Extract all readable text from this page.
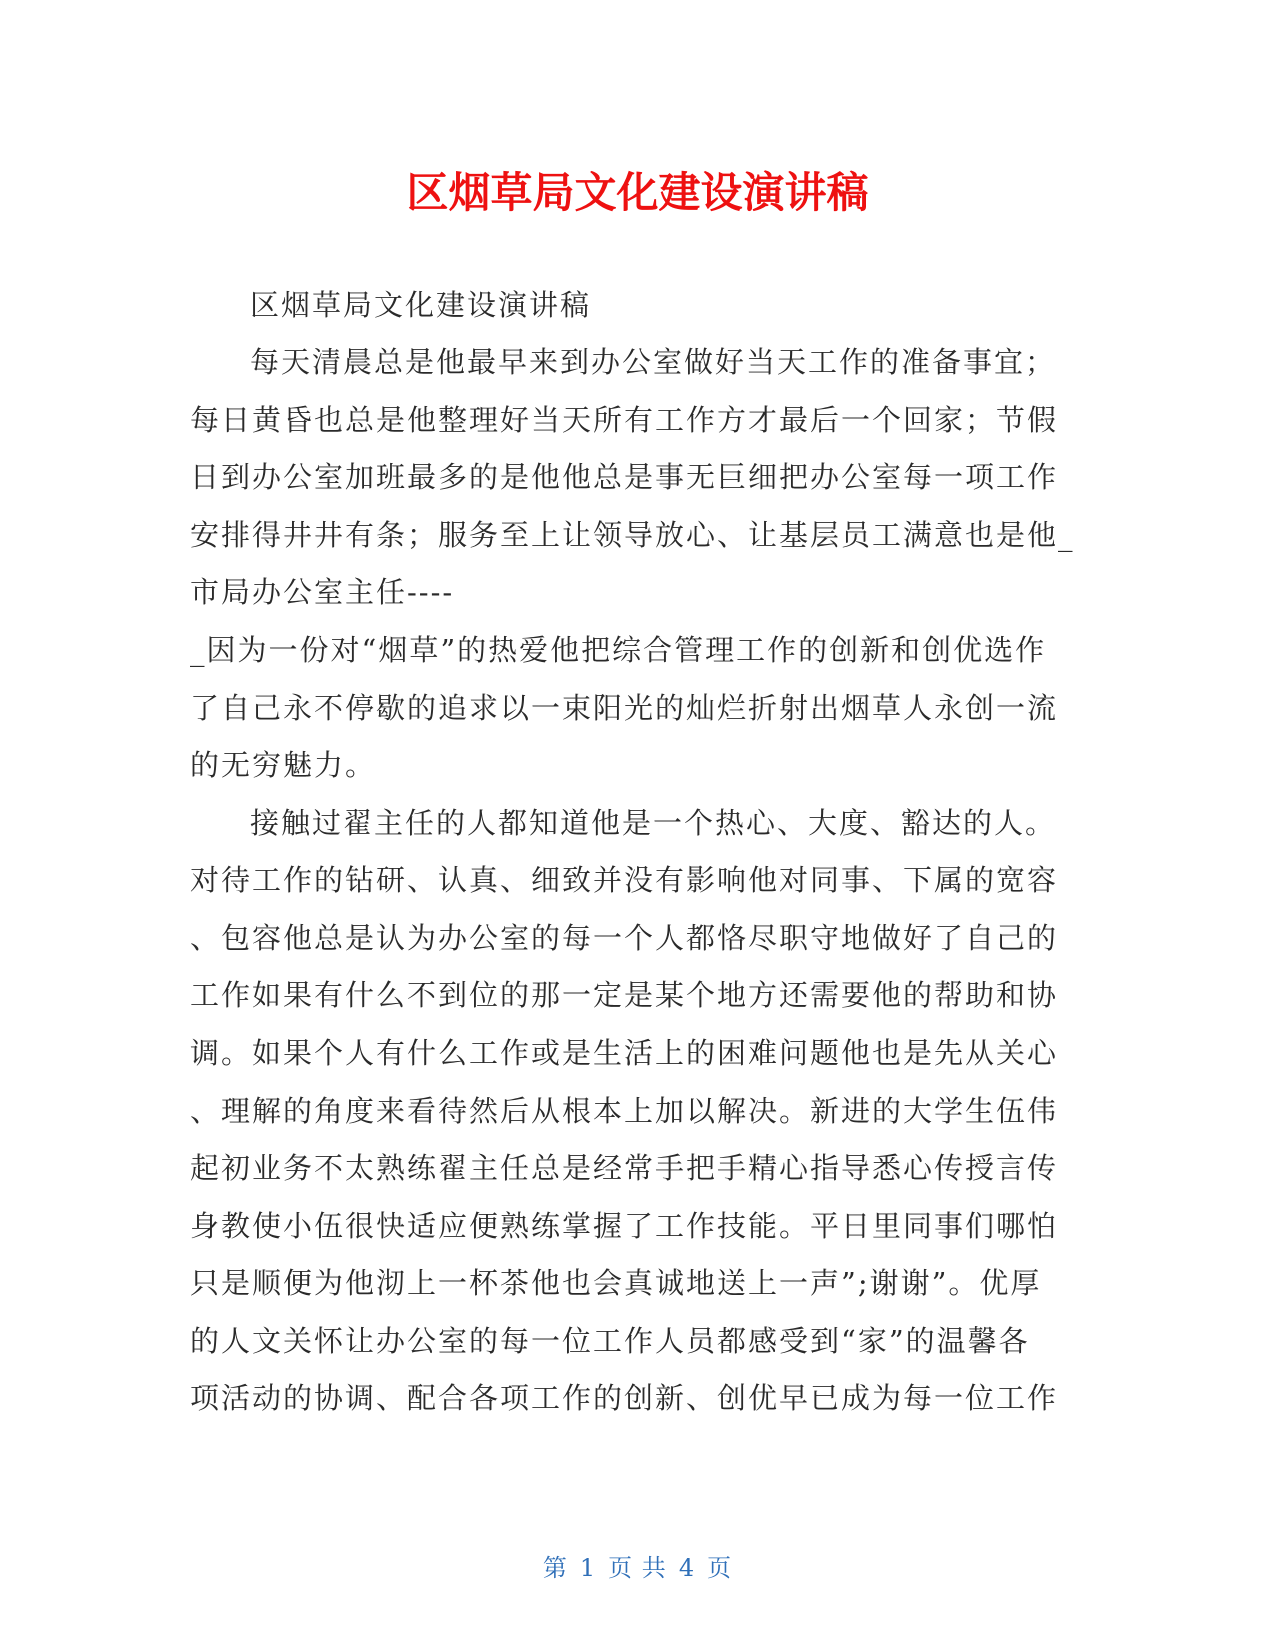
区烟草局文化建设演讲稿
区烟草局文化建设演讲稿
每天清晨总是他最早来到办公室做好当天工作的准备事宜；
每日黄昏也总是他整理好当天所有工作方才最后一个回家；节假
日到办公室加班最多的是他他总是事无巨细把办公室每一项工作
安排得井井有条；服务至上让领导放心、让基层员工满意也是他_
市局办公室主任----
_因为一份对“烟草”的热爱他把综合管理工作的创新和创优选作
了自己永不停歇的追求以一束阳光的灿烂折射出烟草人永创一流
的无穷魅力。
接触过翟主任的人都知道他是一个热心、大度、豁达的人。
对待工作的钻研、认真、细致并没有影响他对同事、下属的宽容
、包容他总是认为办公室的每一个人都恪尽职守地做好了自己的
工作如果有什么不到位的那一定是某个地方还需要他的帮助和协
调。如果个人有什么工作或是生活上的困难问题他也是先从关心
、理解的角度来看待然后从根本上加以解决。新进的大学生伍伟
起初业务不太熟练翟主任总是经常手把手精心指导悉心传授言传
身教使小伍很快适应便熟练掌握了工作技能。平日里同事们哪怕
只是顺便为他沏上一杯茶他也会真诚地送上一声”;谢谢”。优厚
的人文关怀让办公室的每一位工作人员都感受到“家”的温馨各
项活动的协调、配合各项工作的创新、创优早已成为每一位工作
第 1 页 共 4 页
